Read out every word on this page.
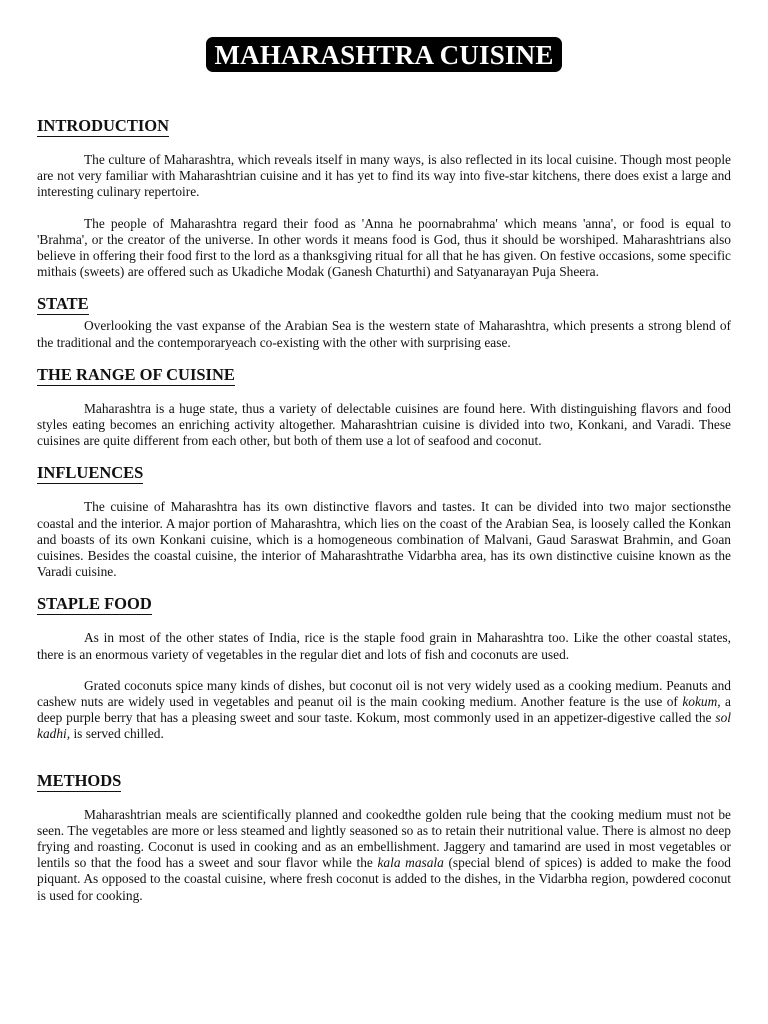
MAHARASHTRA CUISINE
INTRODUCTION

The culture of Maharashtra, which reveals itself in many ways, is also reflected in its local cuisine. Though most people are not very familiar with Maharashtrian cuisine and it has yet to find its way into five-star kitchens, there does exist a large and interesting culinary repertoire.

The people of Maharashtra regard their food as 'Anna he poornabrahma' which means 'anna', or food is equal to 'Brahma', or the creator of the universe. In other words it means food is God, thus it should be worshiped. Maharashtrians also believe in offering their food first to the lord as a thanksgiving ritual for all that he has given. On festive occasions, some specific mithais (sweets) are offered such as Ukadiche Modak (Ganesh Chaturthi) and Satyanarayan Puja Sheera.

STATE

Overlooking the vast expanse of the Arabian Sea is the western state of Maharashtra, which presents a strong blend of the traditional and the contemporaryeach co-existing with the other with surprising ease.

THE RANGE OF CUISINE

Maharashtra is a huge state, thus a variety of delectable cuisines are found here. With distinguishing flavors and food styles eating becomes an enriching activity altogether. Maharashtrian cuisine is divided into two, Konkani, and Varadi. These cuisines are quite different from each other, but both of them use a lot of seafood and coconut.

INFLUENCES

The cuisine of Maharashtra has its own distinctive flavors and tastes. It can be divided into two major sectionsthe coastal and the interior. A major portion of Maharashtra, which lies on the coast of the Arabian Sea, is loosely called the Konkan and boasts of its own Konkani cuisine, which is a homogeneous combination of Malvani, Gaud Saraswat Brahmin, and Goan cuisines. Besides the coastal cuisine, the interior of Maharashtrathe Vidarbha area, has its own distinctive cuisine known as the Varadi cuisine.

STAPLE FOOD

As in most of the other states of India, rice is the staple food grain in Maharashtra too. Like the other coastal states, there is an enormous variety of vegetables in the regular diet and lots of fish and coconuts are used.

Grated coconuts spice many kinds of dishes, but coconut oil is not very widely used as a cooking medium. Peanuts and cashew nuts are widely used in vegetables and peanut oil is the main cooking medium. Another feature is the use of kokum, a deep purple berry that has a pleasing sweet and sour taste. Kokum, most commonly used in an appetizer-digestive called the sol kadhi, is served chilled.

METHODS

Maharashtrian meals are scientifically planned and cookedthe golden rule being that the cooking medium must not be seen. The vegetables are more or less steamed and lightly seasoned so as to retain their nutritional value. There is almost no deep frying and roasting. Coconut is used in cooking and as an embellishment. Jaggery and tamarind are used in most vegetables or lentils so that the food has a sweet and sour flavor while the kala masala (special blend of spices) is added to make the food piquant. As opposed to the coastal cuisine, where fresh coconut is added to the dishes, in the Vidarbha region, powdered coconut is used for cooking.
